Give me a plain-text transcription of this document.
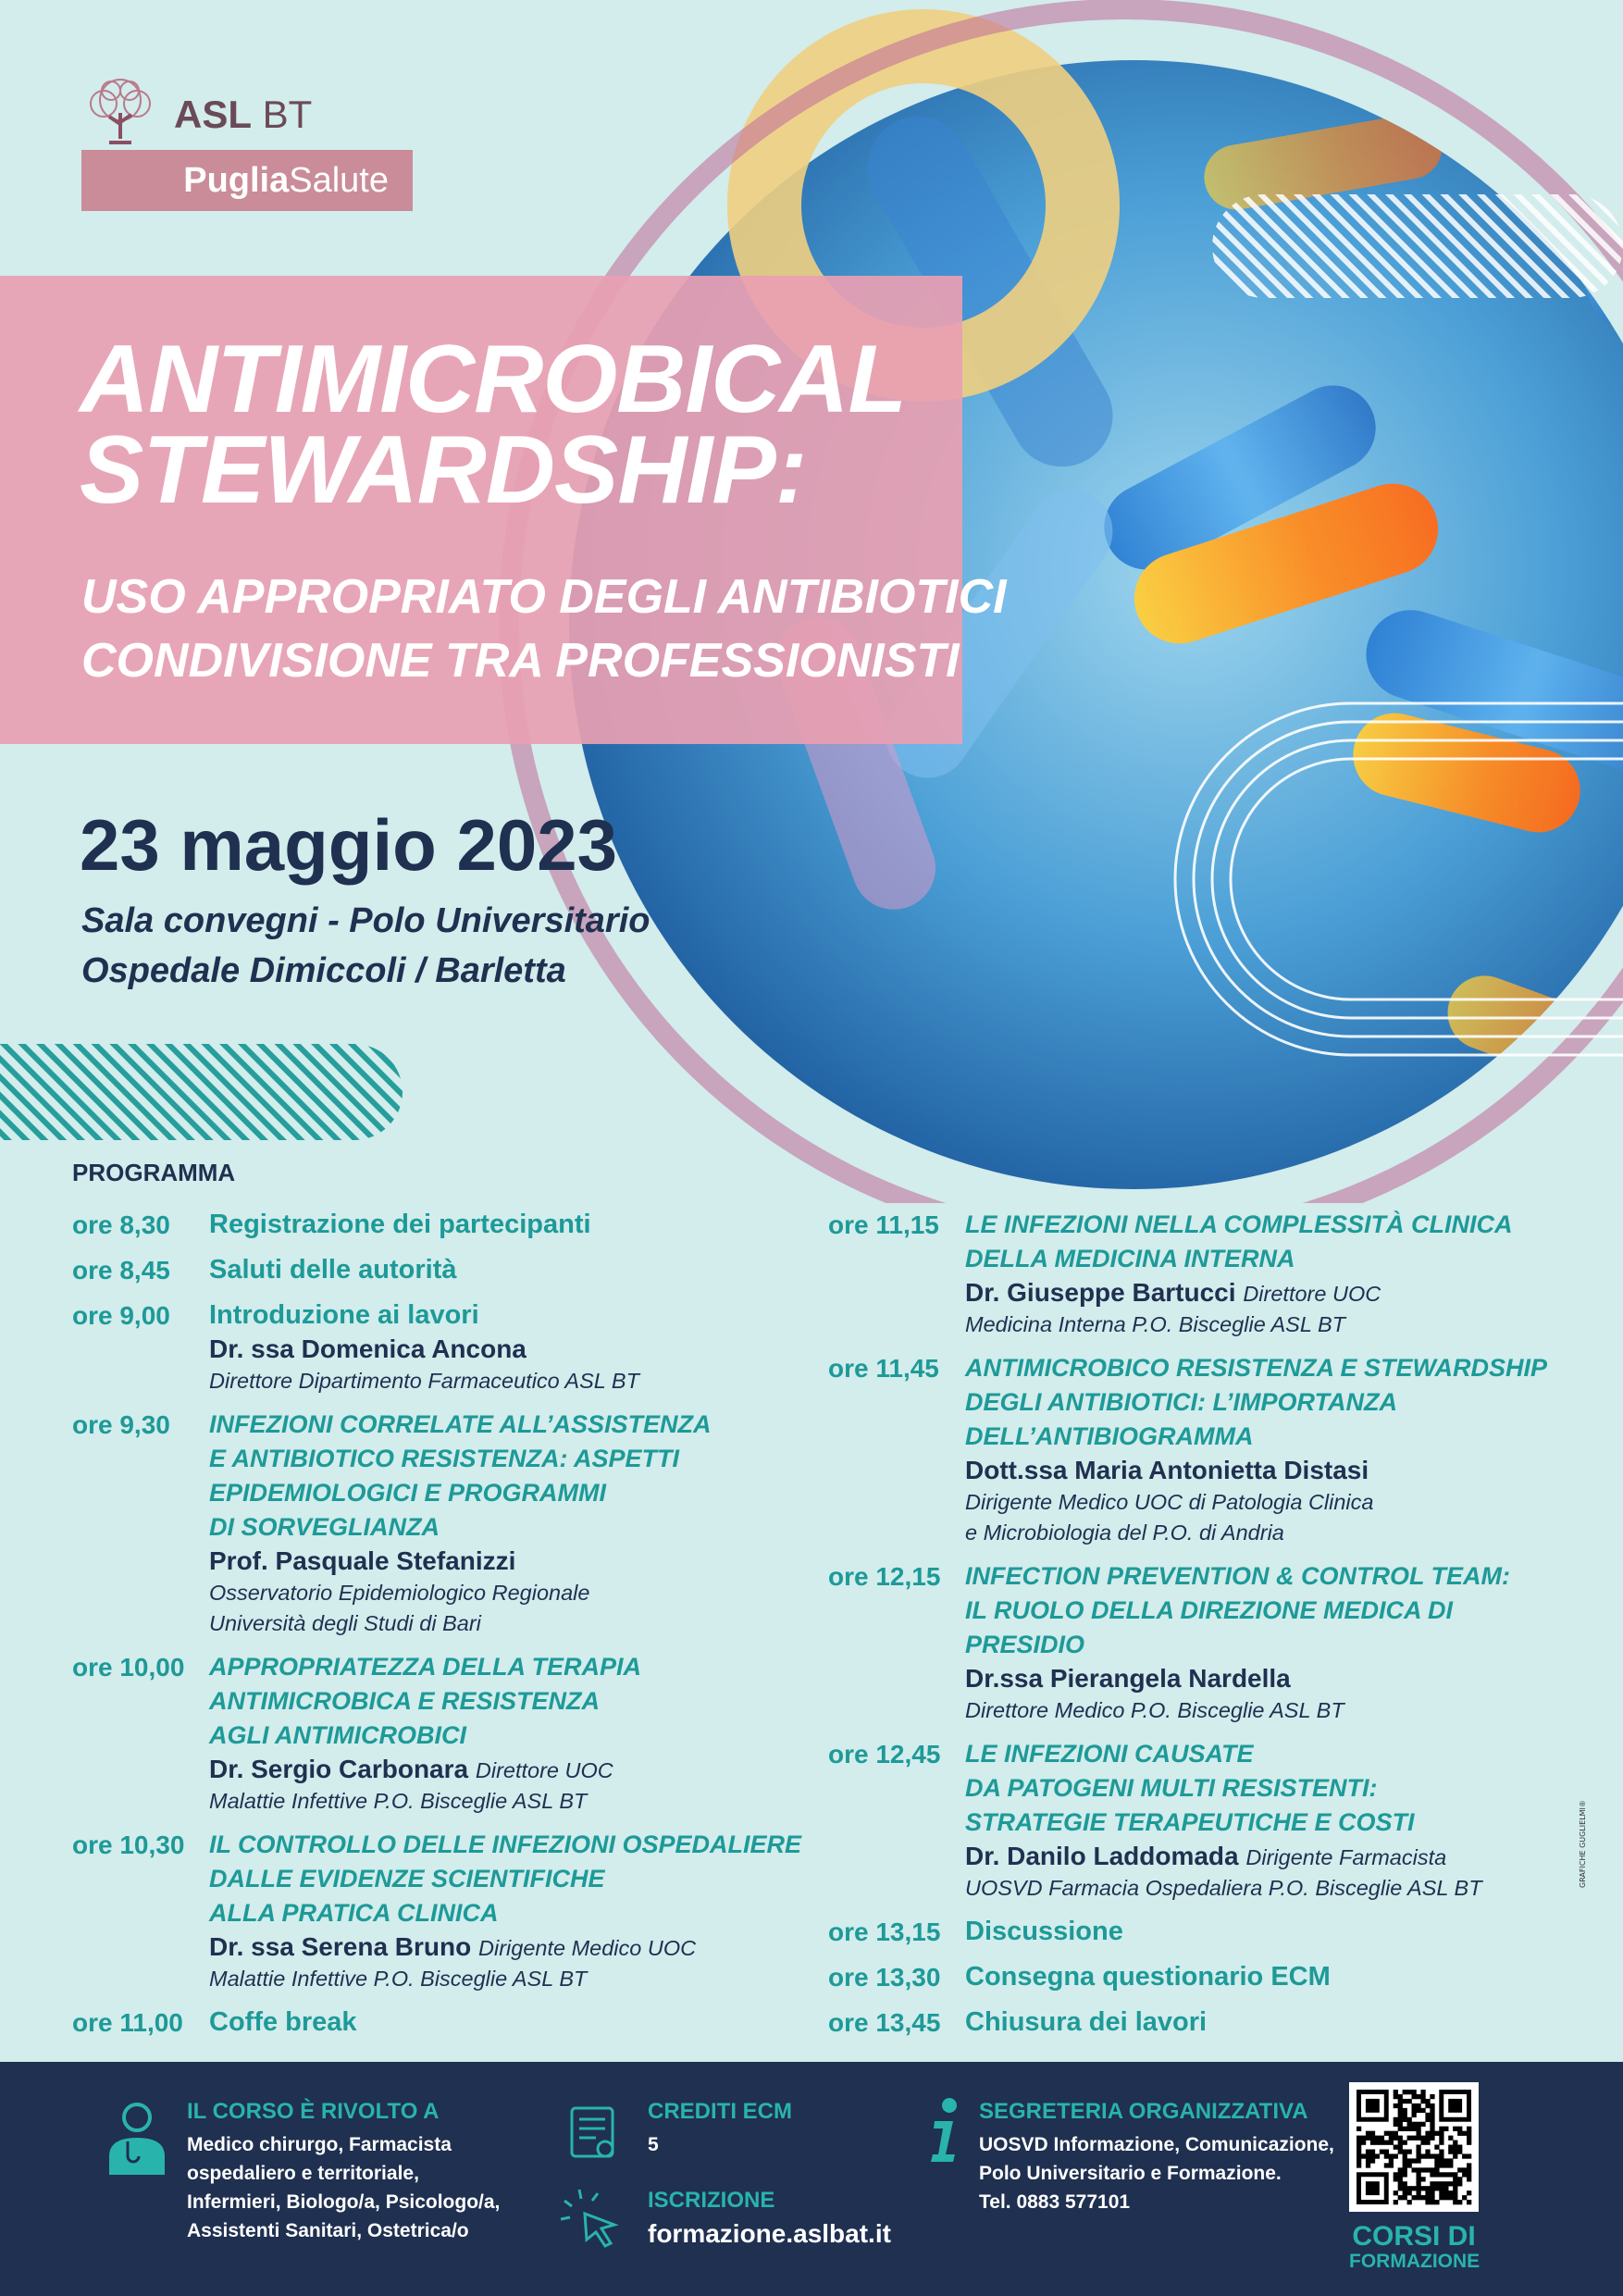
ASL BT
PugliaSalute
ANTIMICROBICAL
STEWARDSHIP:
USO APPROPRIATO DEGLI ANTIBIOTICI
CONDIVISIONE TRA PROFESSIONISTI
23 maggio 2023
Sala convegni - Polo Universitario
Ospedale Dimiccoli / Barletta
PROGRAMMA
ore 8,30	Registrazione dei partecipanti
ore 8,45	Saluti delle autorità
ore 9,00	Introduzione ai lavori
Dr. ssa Domenica Ancona
Direttore Dipartimento Farmaceutico ASL BT
ore 9,30	INFEZIONI CORRELATE ALL’ASSISTENZA
E ANTIBIOTICO RESISTENZA: ASPETTI
EPIDEMIOLOGICI E PROGRAMMI
DI SORVEGLIANZA
Prof. Pasquale Stefanizzi
Osservatorio Epidemiologico Regionale
Università degli Studi di Bari
ore 10,00 APPROPRIATEZZA DELLA TERAPIA
ANTIMICROBICA E RESISTENZA
AGLI ANTIMICROBICI
Dr. Sergio Carbonara Direttore UOC
Malattie Infettive P.O. Bisceglie ASL BT
ore 10,30 IL CONTROLLO DELLE INFEZIONI OSPEDALIERE
DALLE EVIDENZE SCIENTIFICHE
ALLA PRATICA CLINICA
Dr. ssa Serena Bruno Dirigente Medico UOC
Malattie Infettive P.O. Bisceglie ASL BT
ore 11,00 Coffe break
ore 11,15	LE INFEZIONI NELLA COMPLESSITÀ CLINICA
DELLA MEDICINA INTERNA
Dr. Giuseppe Bartucci Direttore UOC
Medicina Interna P.O. Bisceglie ASL BT
ore 11,45	ANTIMICROBICO RESISTENZA E STEWARDSHIP
DEGLI ANTIBIOTICI: L’IMPORTANZA
DELL’ANTIBIOGRAMMA
Dott.ssa Maria Antonietta Distasi
Dirigente Medico UOC di Patologia Clinica
e Microbiologia del P.O. di Andria
ore 12,15 INFECTION PREVENTION & CONTROL TEAM:
IL RUOLO DELLA DIREZIONE MEDICA DI PRESIDIO
Dr.ssa Pierangela Nardella
Direttore Medico P.O. Bisceglie ASL BT
ore 12,45 LE INFEZIONI CAUSATE
DA PATOGENI MULTI RESISTENTI:
STRATEGIE TERAPEUTICHE E COSTI
Dr. Danilo Laddomada Dirigente Farmacista
UOSVD Farmacia Ospedaliera P.O. Bisceglie ASL BT
ore 13,15 Discussione
ore 13,30 Consegna questionario ECM
ore 13,45 Chiusura dei lavori
GRAFICHE GUGLIELMI®
IL CORSO È RIVOLTO A
Medico chirurgo, Farmacista
ospedaliero e territoriale,
Infermieri, Biologo/a, Psicologo/a,
Assistenti Sanitari, Ostetrica/o
CREDITI ECM
5
ISCRIZIONE
formazione.aslbat.it
SEGRETERIA ORGANIZZATIVA
UOSVD Informazione, Comunicazione,
Polo Universitario e Formazione.
Tel. 0883 577101
CORSI DI
FORMAZIONE
